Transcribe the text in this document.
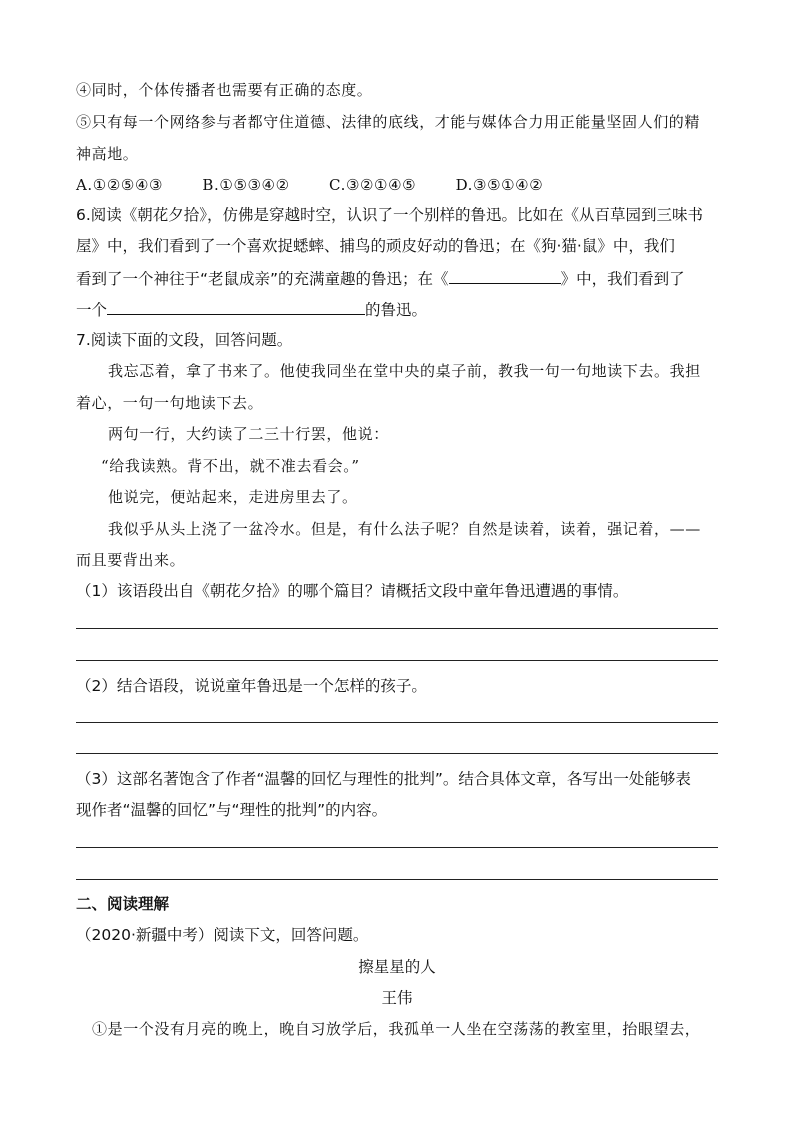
④同时，个体传播者也需要有正确的态度。
⑤只有每一个网络参与者都守住道德、法律的底线，才能与媒体合力用正能量坚固人们的精
神高地。
A.①②⑤④③	B.①⑤③④②	C.③②①④⑤	D.③⑤①④②
6.阅读《朝花夕拾》，仿佛是穿越时空，认识了一个别样的鲁迅。比如在《从百草园到三味书
屋》中，我们看到了一个喜欢捉蟋蟀、捕鸟的顽皮好动的鲁迅；在《狗·猫·鼠》中，我们
看到了一个神往于“老鼠成亲”的充满童趣的鲁迅；在《	》中，我们看到了
一个	的鲁迅。
7.阅读下面的文段，回答问题。
我忘忑着，拿了书来了。他使我同坐在堂中央的桌子前，教我一句一句地读下去。我担
着心，一句一句地读下去。
两句一行，大约读了二三十行罢，他说：
“给我读熟。背不出，就不准去看会。”
他说完，便站起来，走进房里去了。
我似乎从头上浇了一盆冷水。但是，有什么法子呢？自然是读着，读着，强记着，——
而且要背出来。
（1）该语段出自《朝花夕拾》的哪个篇目？请概括文段中童年鲁迅遭遇的事情。
（2）结合语段，说说童年鲁迅是一个怎样的孩子。
（3）这部名著饱含了作者“温馨的回忆与理性的批判”。结合具体文章，各写出一处能够表
现作者“温馨的回忆”与“理性的批判”的内容。
二、阅读理解
（2020·新疆中考）阅读下文，回答问题。
擦星星的人
王伟
①是一个没有月亮的晚上，晚自习放学后，我孤单一人坐在空荡荡的教室里，抬眼望去，
